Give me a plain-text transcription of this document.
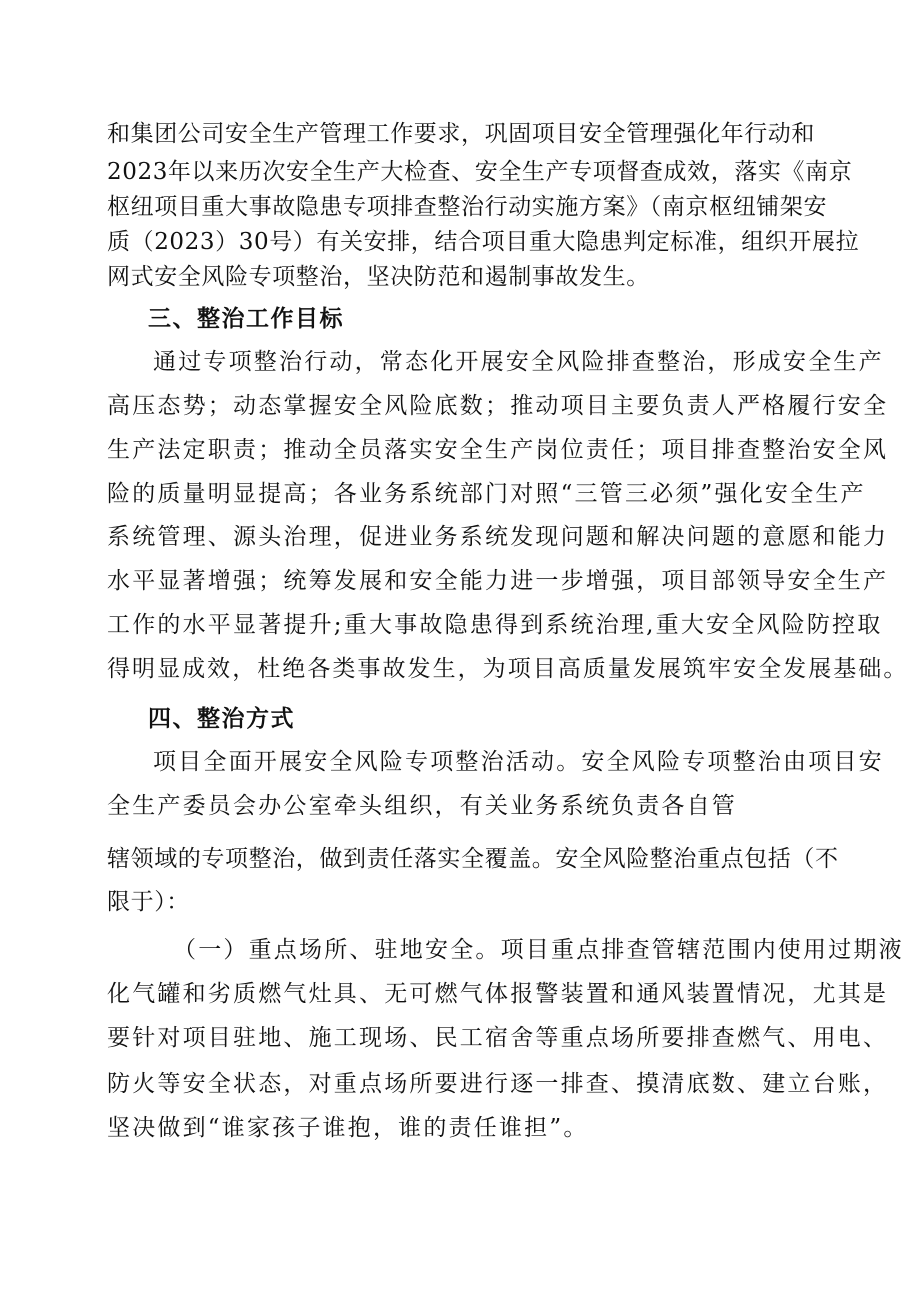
和集团公司安全生产管理工作要求，巩固项目安全管理强化年行动和
2023年以来历次安全生产大检查、安全生产专项督查成效，落实《南京
枢纽项目重大事故隐患专项排查整治行动实施方案》（南京枢纽铺架安
质（2023）30号）有关安排，结合项目重大隐患判定标准，组织开展拉
网式安全风险专项整治，坚决防范和遏制事故发生。
三、整治工作目标
通过专项整治行动，常态化开展安全风险排查整治，形成安全生产
高压态势；动态掌握安全风险底数；推动项目主要负责人严格履行安全
生产法定职责；推动全员落实安全生产岗位责任；项目排查整治安全风
险的质量明显提高；各业务系统部门对照“三管三必须”强化安全生产
系统管理、源头治理，促进业务系统发现问题和解决问题的意愿和能力
水平显著增强；统筹发展和安全能力进一步增强，项目部领导安全生产
工作的水平显著提升;重大事故隐患得到系统治理,重大安全风险防控取
得明显成效，杜绝各类事故发生，为项目高质量发展筑牢安全发展基础。
四、整治方式
项目全面开展安全风险专项整治活动。安全风险专项整治由项目安
全生产委员会办公室牵头组织，有关业务系统负责各自管
辖领域的专项整治，做到责任落实全覆盖。安全风险整治重点包括（不
限于）：
（一）重点场所、驻地安全。项目重点排查管辖范围内使用过期液
化气罐和劣质燃气灶具、无可燃气体报警装置和通风装置情况，尤其是
要针对项目驻地、施工现场、民工宿舍等重点场所要排查燃气、用电、
防火等安全状态，对重点场所要进行逐一排查、摸清底数、建立台账，
坚决做到“谁家孩子谁抱，谁的责任谁担”。
